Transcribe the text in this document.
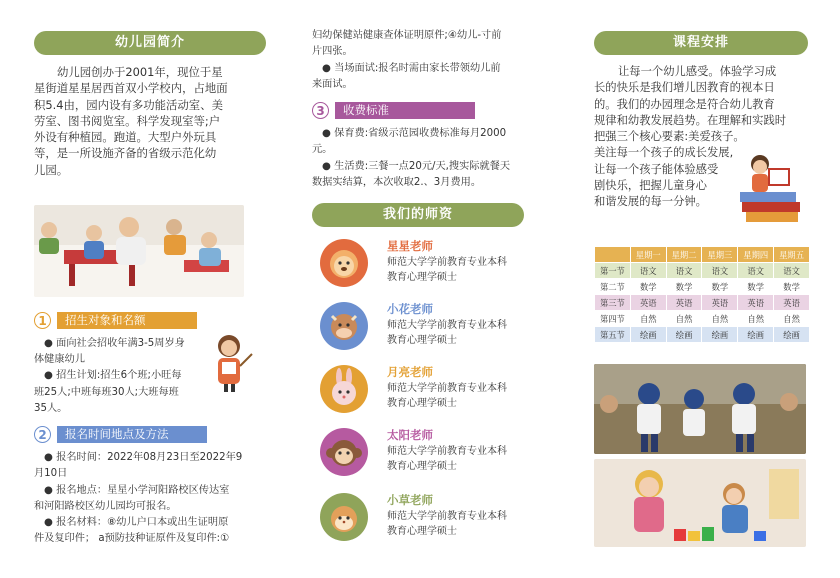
幼儿园简介
幼儿园创办于2001年，现位于星
星街道星星居西首双小学校内，占地面
积5.4由，园内设有多功能活动室、美
劳室、图书阅览室。科学发现室等;户
外设有种植园。跑道。大型户外玩具
等，是一所设施齐备的省级示范化幼
儿园。
1	招生对象和名额
● 面向社会招收年满3-5周岁身
体健康幼儿
● 招生计划:招生6个班;小旺每
班25人;中班每班30人;大班每班
35人。
2	报名时间地点及方法
● 报名时间：2022年08月23日至2022年9
月10日
● 报名地点：星星小学河阳路校区传达室
和河阳路校区幼儿园均可报名。
● 报名材料：⑧幼儿户口本或出生证明原
件及复印件； a预防技种证原件及复印件:①
妇幼保健站健康查体证明原件;④幼儿-寸前
片四张。
● 当场面试:报名时需由家长带领幼儿前
来面试。
3	收费标准
● 保育费:省级示范园收费标准每月2000
元。
● 生活费:三餐一点20元/天,搜实际就餐天
数据实结算，本次收取2.、3月费用。
我们的师资
星星老师
师范大学学前教育专业本科
教育心理学硕士
小花老师
师范大学学前教育专业本科
教育心理学硕士
月亮老师
师范大学学前教育专业本科
教育心理学硕士
太阳老师
师范大学学前教育专业本科
教育心理学硕士
小草老师
师范大学学前教育专业本科
教育心理学硕士
课程安排
让每一个幼儿感受。体验学习成
长的快乐是我们增儿因教育的视本日
的。我们的办园理念是符合幼儿教育
规律和幼教发展趋势。在理解和实践时
把强三个核心要素:美爱孩子。
美注每一个孩子的成长发展,
让每一个孩子能体验感受
剧快乐，把握儿童身心
和谐发展的每一分钟。
	星期一	星期二	星期三	星期四	星期五
第一节	语文	语文	语文	语文	语文
第二节	数学	数学	数学	数学	数学
第三节	英语	英语	英语	英语	英语
第四节	自然	自然	自然	自然	自然
第五节	绘画	绘画	绘画	绘画	绘画
